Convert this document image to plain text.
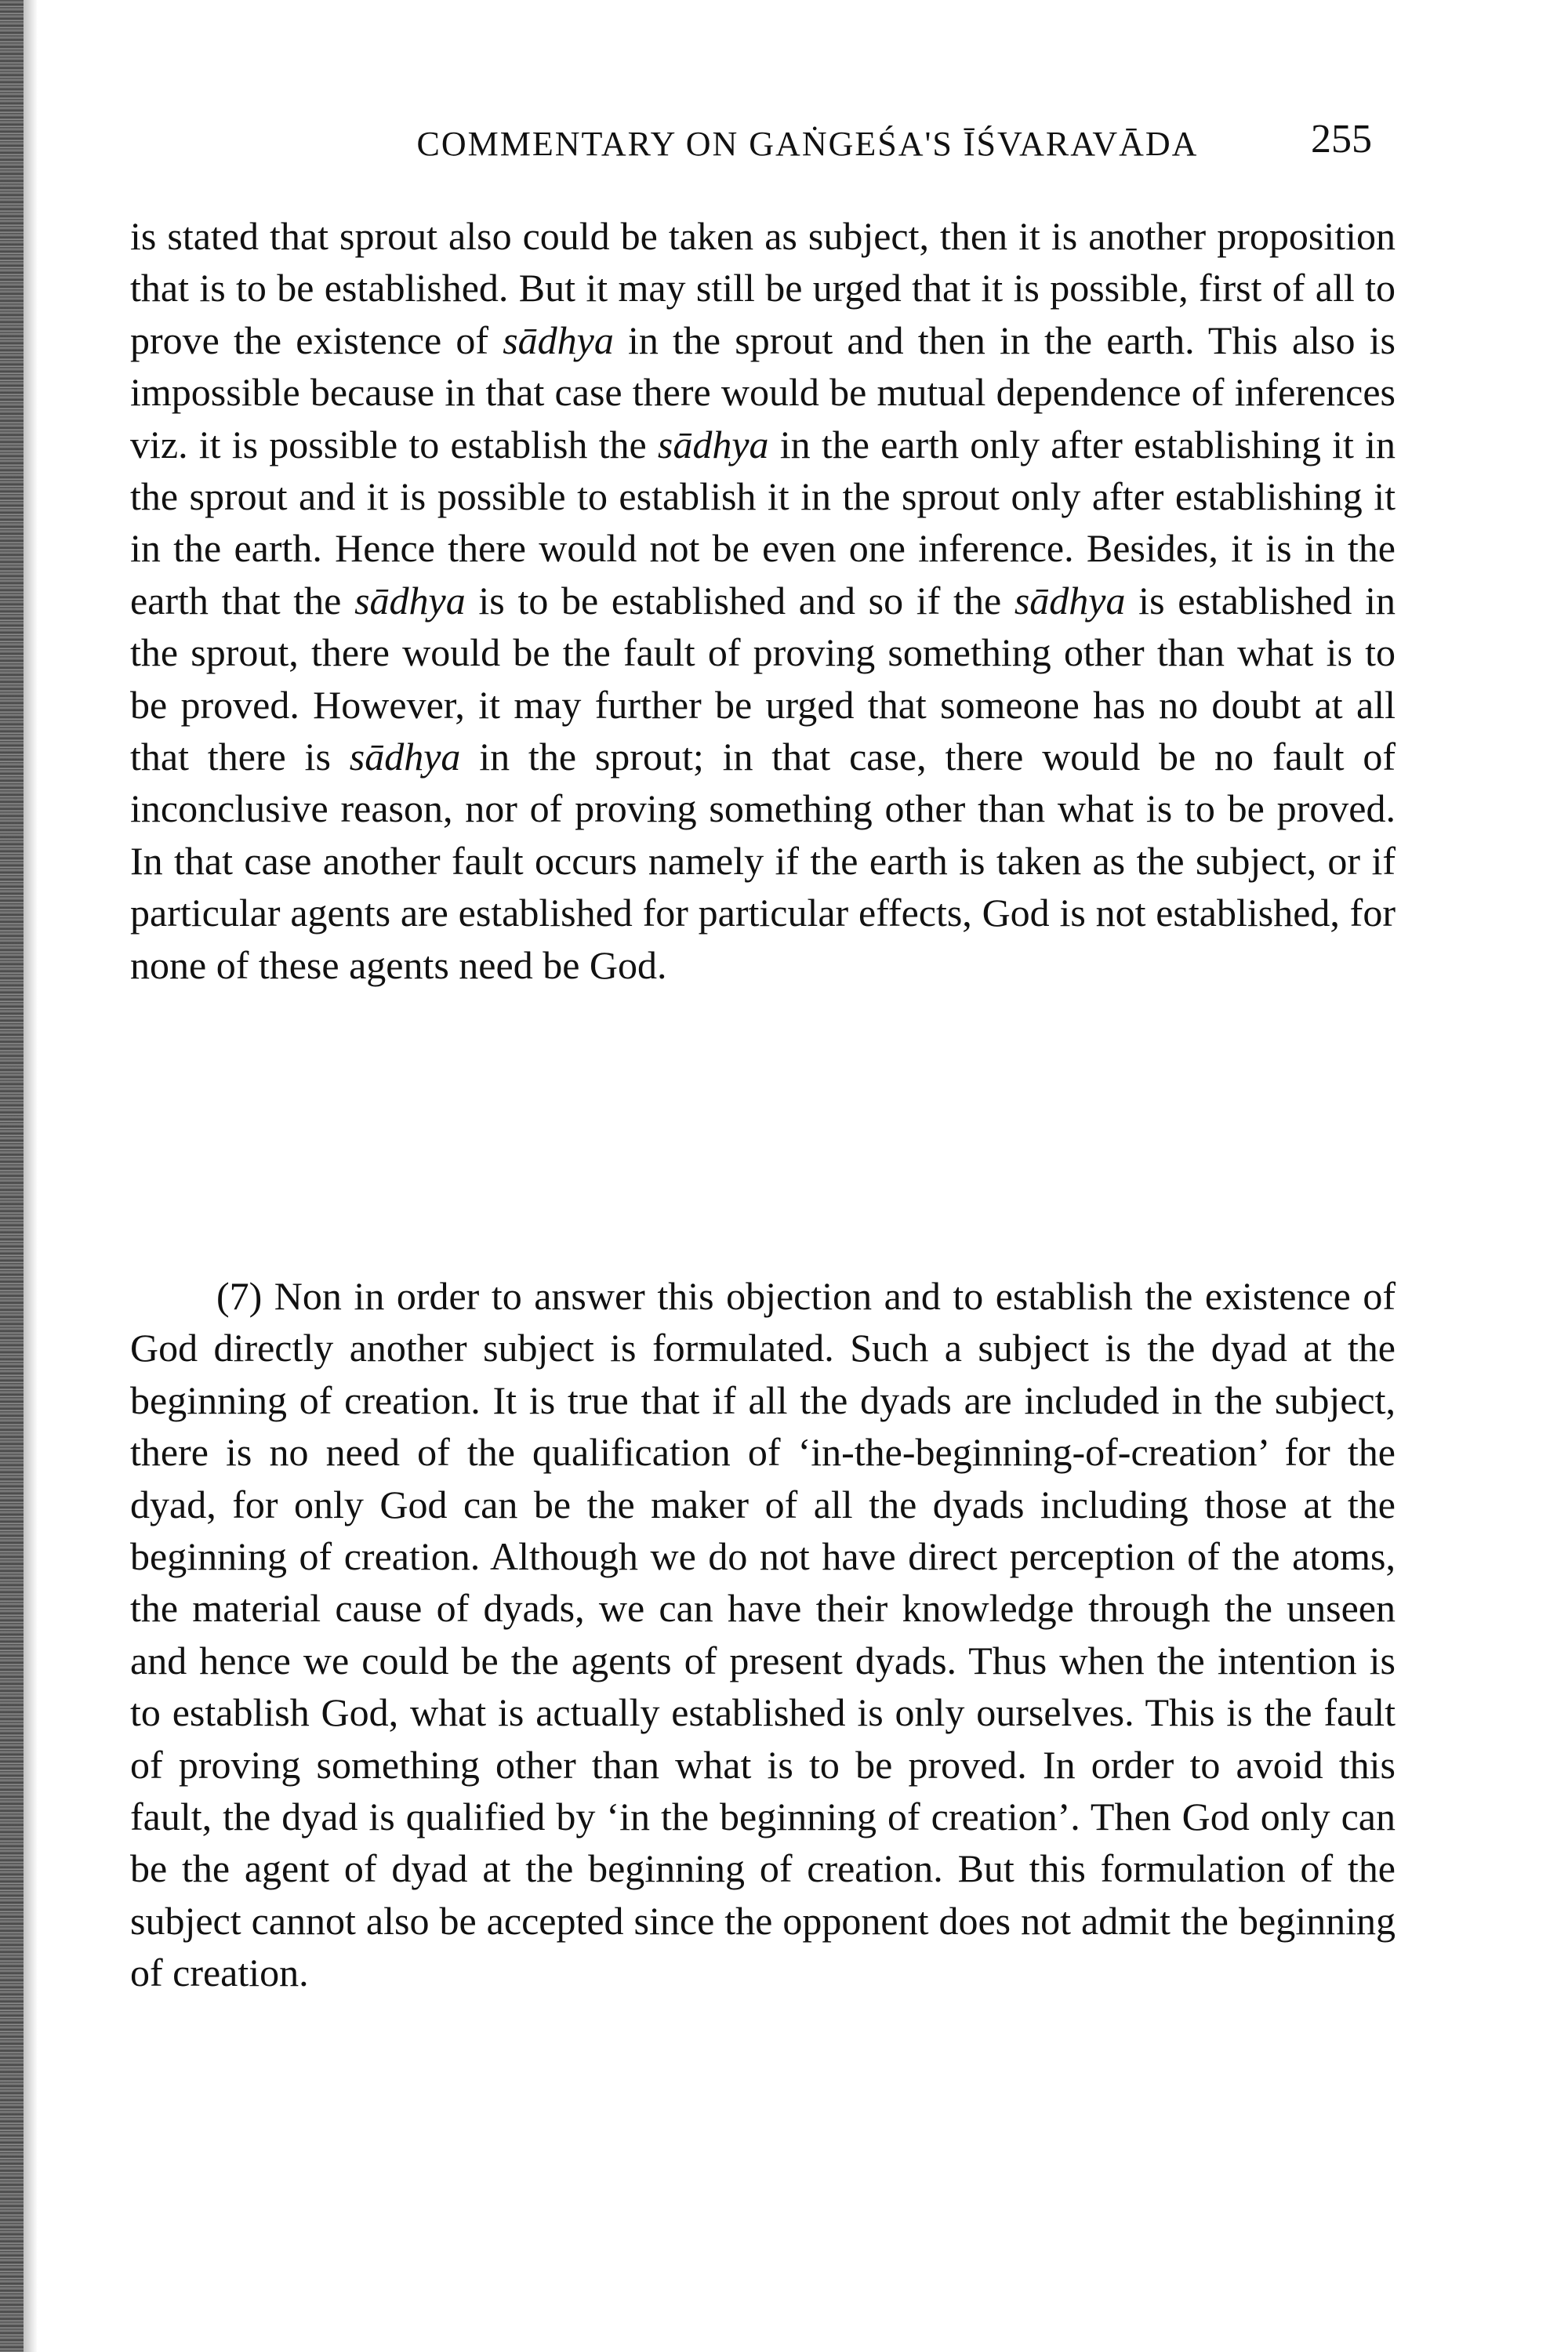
COMMENTARY ON GAṄGEŚA'S ĪŚVARAVĀDA	255

is stated that sprout also could be taken as subject, then it is another proposition that is to be established. But it may still be urged that it is possible, first of all to prove the existence of sādhya in the sprout and then in the earth. This also is impossible because in that case there would be mutual dependence of inferences viz. it is possible to establish the sādhya in the earth only after establishing it in the sprout and it is possible to establish it in the sprout only after establishing it in the earth. Hence there would not be even one inference. Besides, it is in the earth that the sādhya is to be established and so if the sādhya is established in the sprout, there would be the fault of proving something other than what is to be proved. However, it may further be urged that someone has no doubt at all that there is sādhya in the sprout; in that case, there would be no fault of inconclusive reason, nor of proving something other than what is to be proved. In that case another fault occurs namely if the earth is taken as the subject, or if particular agents are established for particular effects, God is not established, for none of these agents need be God.

(7) Non in order to answer this objection and to establish the existence of God directly another subject is formulated. Such a subject is the dyad at the beginning of creation. It is true that if all the dyads are included in the subject, there is no need of the qualification of ‘in-the-beginning-of-creation’ for the dyad, for only God can be the maker of all the dyads including those at the beginning of creation. Although we do not have direct perception of the atoms, the material cause of dyads, we can have their knowledge through the unseen and hence we could be the agents of present dyads. Thus when the intention is to establish God, what is actually established is only ourselves. This is the fault of proving something other than what is to be proved. In order to avoid this fault, the dyad is qualified by ‘in the beginning of creation’. Then God only can be the agent of dyad at the beginning of creation. But this formulation of the subject cannot also be accepted since the opponent does not admit the beginning of creation.
